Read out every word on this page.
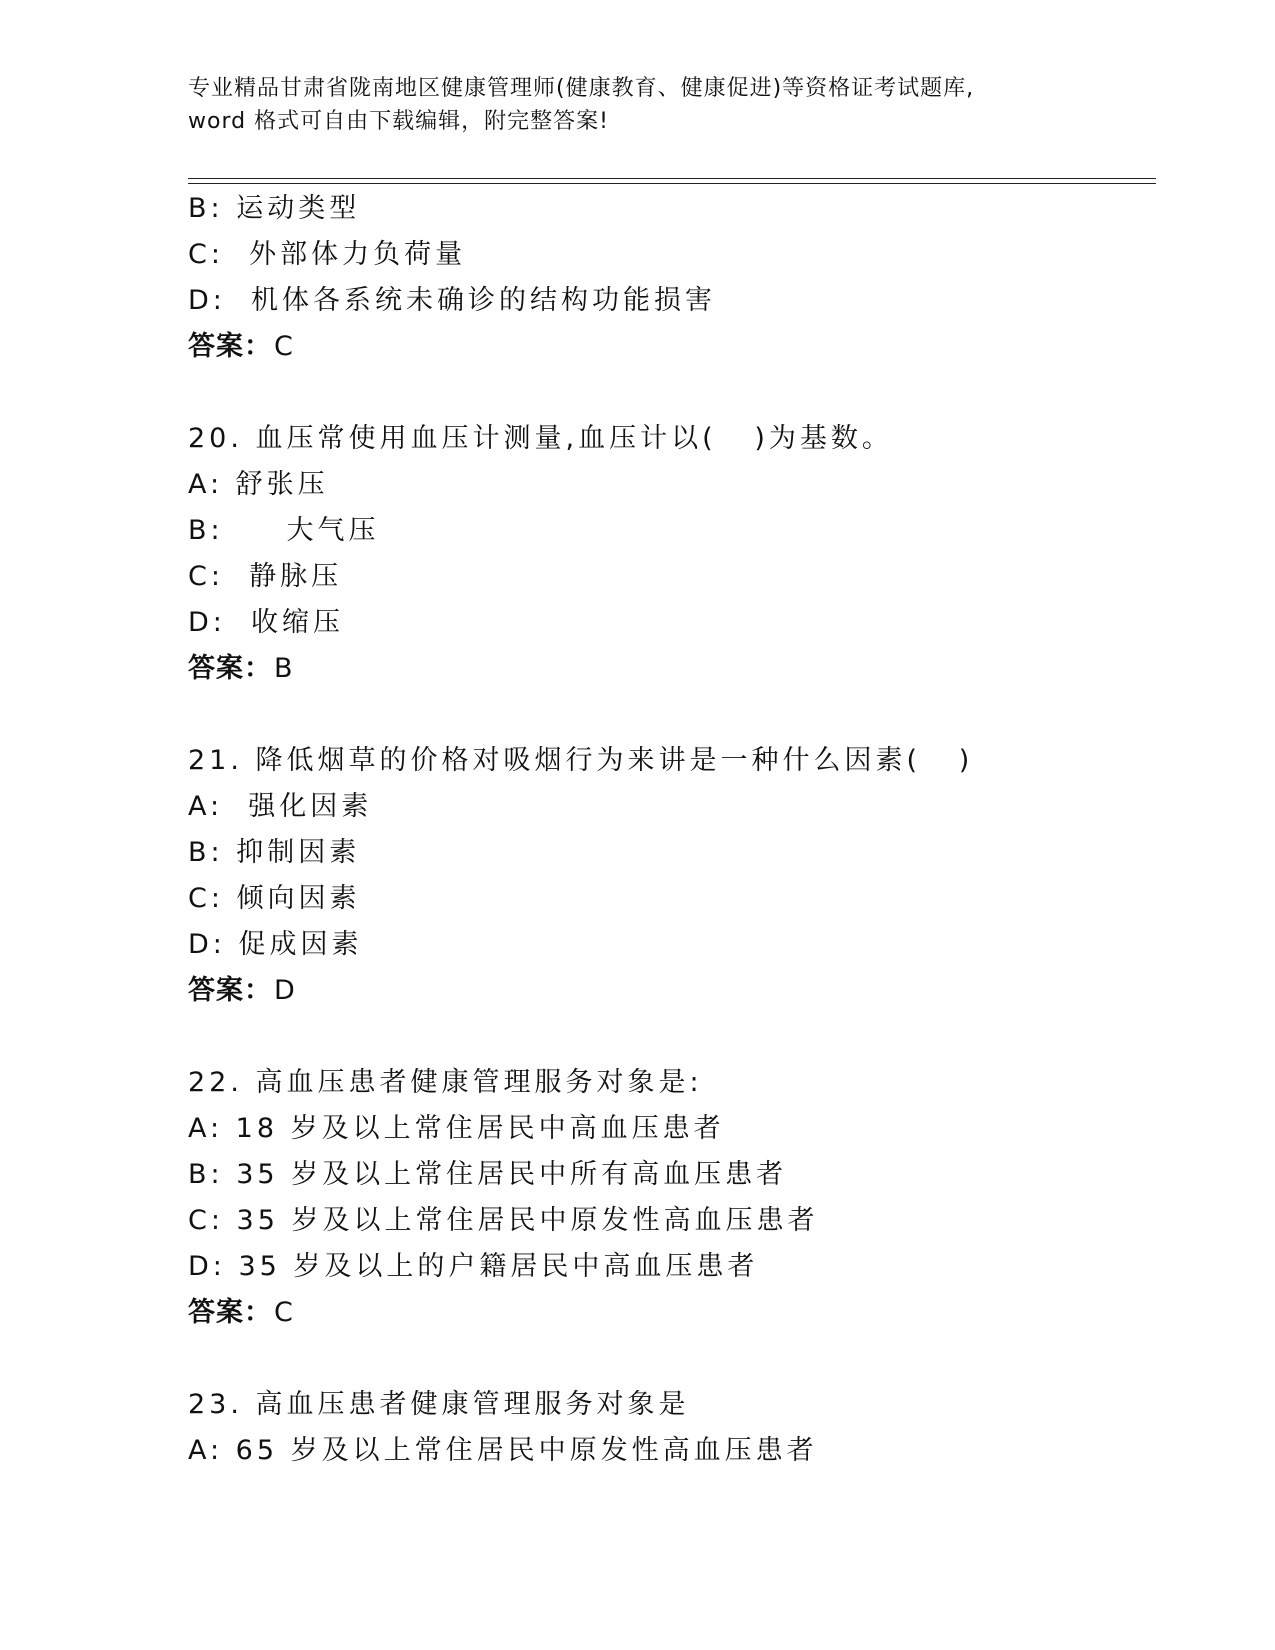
专业精品甘肃省陇南地区健康管理师(健康教育、健康促进)等资格证考试题库,
word 格式可自由下载编辑，附完整答案!
B: 运动类型
C:  外部体力负荷量
D:  机体各系统未确诊的结构功能损害
答案：C
20. 血压常使用血压计测量,血压计以(   )为基数。
A: 舒张压
B:     大气压
C:  静脉压
D:  收缩压
答案：B
21. 降低烟草的价格对吸烟行为来讲是一种什么因素(   )
A:  强化因素
B: 抑制因素
C: 倾向因素
D: 促成因素
答案：D
22. 高血压患者健康管理服务对象是:
A: 18 岁及以上常住居民中高血压患者
B: 35 岁及以上常住居民中所有高血压患者
C: 35 岁及以上常住居民中原发性高血压患者
D: 35 岁及以上的户籍居民中高血压患者
答案：C
23. 高血压患者健康管理服务对象是
A: 65 岁及以上常住居民中原发性高血压患者
